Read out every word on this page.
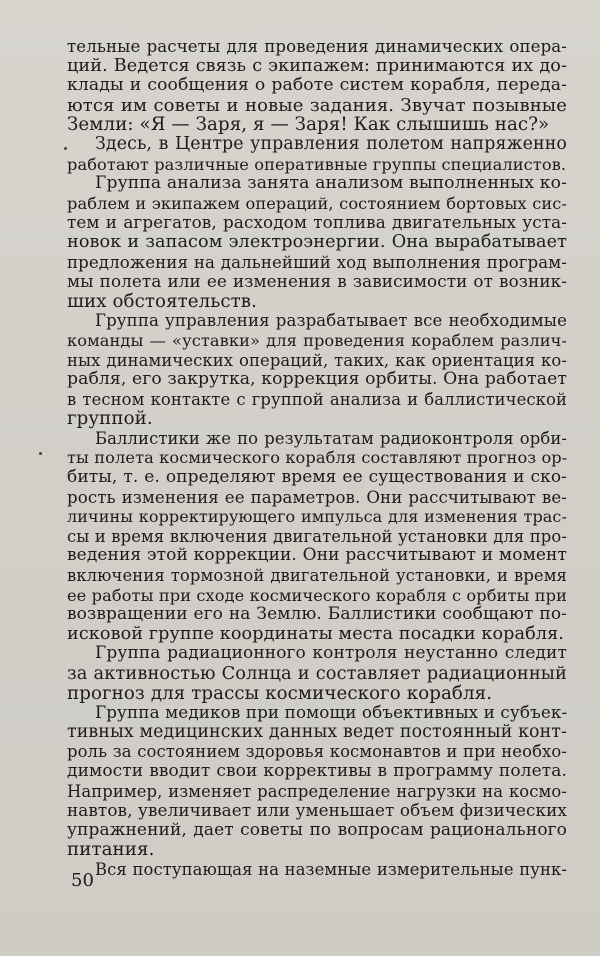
тельные расчеты для проведения динамических опера-
ций. Ведется связь с экипажем: принимаются их до-
клады и сообщения о работе систем корабля, переда-
ются им советы и новые задания. Звучат позывные
Земли: «Я — Заря, я — Заря! Как слышишь нас?»
Здесь, в Центре управления полетом напряженно
работают различные оперативные группы специалистов.
Группа анализа занята анализом выполненных ко-
раблем и экипажем операций, состоянием бортовых сис-
тем и агрегатов, расходом топлива двигательных уста-
новок и запасом электроэнергии. Она вырабатывает
предложения на дальнейший ход выполнения програм-
мы полета или ее изменения в зависимости от возник-
ших обстоятельств.
Группа управления разрабатывает все необходимые
команды — «уставки» для проведения кораблем различ-
ных динамических операций, таких, как ориентация ко-
рабля, его закрутка, коррекция орбиты. Она работает
в тесном контакте с группой анализа и баллистической
группой.
Баллистики же по результатам радиоконтроля орби-
ты полета космического корабля составляют прогноз ор-
биты, т. е. определяют время ее существования и ско-
рость изменения ее параметров. Они рассчитывают ве-
личины корректирующего импульса для изменения трас-
сы и время включения двигательной установки для про-
ведения этой коррекции. Они рассчитывают и момент
включения тормозной двигательной установки, и время
ее работы при сходе космического корабля с орбиты при
возвращении его на Землю. Баллистики сообщают по-
исковой группе координаты места посадки корабля.
Группа радиационного контроля неустанно следит
за активностью Солнца и составляет радиационный
прогноз для трассы космического корабля.
Группа медиков при помощи объективных и субъек-
тивных медицинских данных ведет постоянный конт-
роль за состоянием здоровья космонавтов и при необхо-
димости вводит свои коррективы в программу полета.
Например, изменяет распределение нагрузки на космо-
навтов, увеличивает или уменьшает объем физических
упражнений, дает советы по вопросам рационального
питания.
Вся поступающая на наземные измерительные пунк-
50
